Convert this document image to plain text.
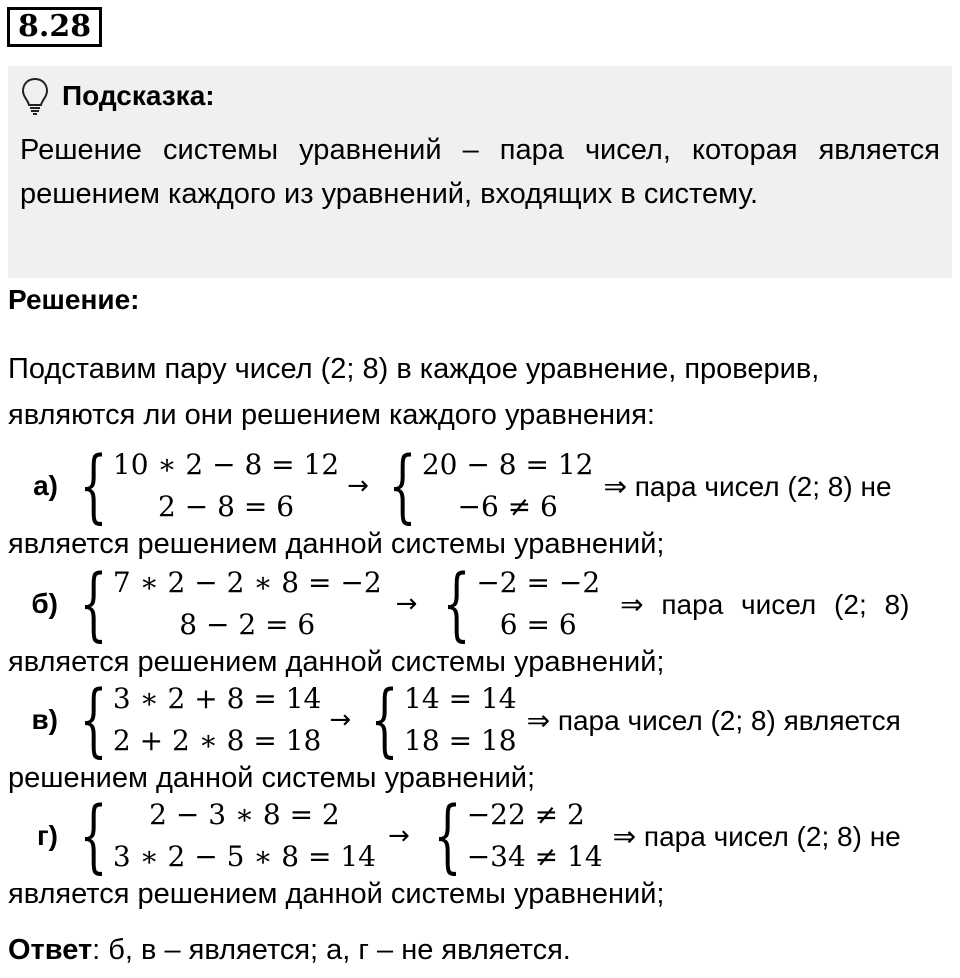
8.28
Подсказка:
Решение системы уравнений – пара чисел, которая является решением каждого из уравнений, входящих в систему.
Решение:
Подставим пару чисел (2; 8) в каждое уравнение, проверив, являются ли они решением каждого уравнения:
а) { 10 ∗ 2 − 8 = 12
2 − 8 = 6
→ { 20 − 8 = 12
−6 ≠ 6
⇒ пара чисел (2; 8) не
является решением данной системы уравнений;
б) { 7 ∗ 2 − 2 ∗ 8 = −2
8 − 2 = 6
→ { −2 = −2
6 = 6
⇒ пара чисел (2; 8)
является решением данной системы уравнений;
в) { 3 ∗ 2 + 8 = 14
2 + 2 ∗ 8 = 18
→ { 14 = 14
18 = 18
⇒ пара чисел (2; 8) является
решением данной системы уравнений;
г) { 2 − 3 ∗ 8 = 2
3 ∗ 2 − 5 ∗ 8 = 14
→ { −22 ≠ 2
−34 ≠ 14
⇒ пара чисел (2; 8) не
является решением данной системы уравнений;
Ответ: б, в – является; а, г – не является.
